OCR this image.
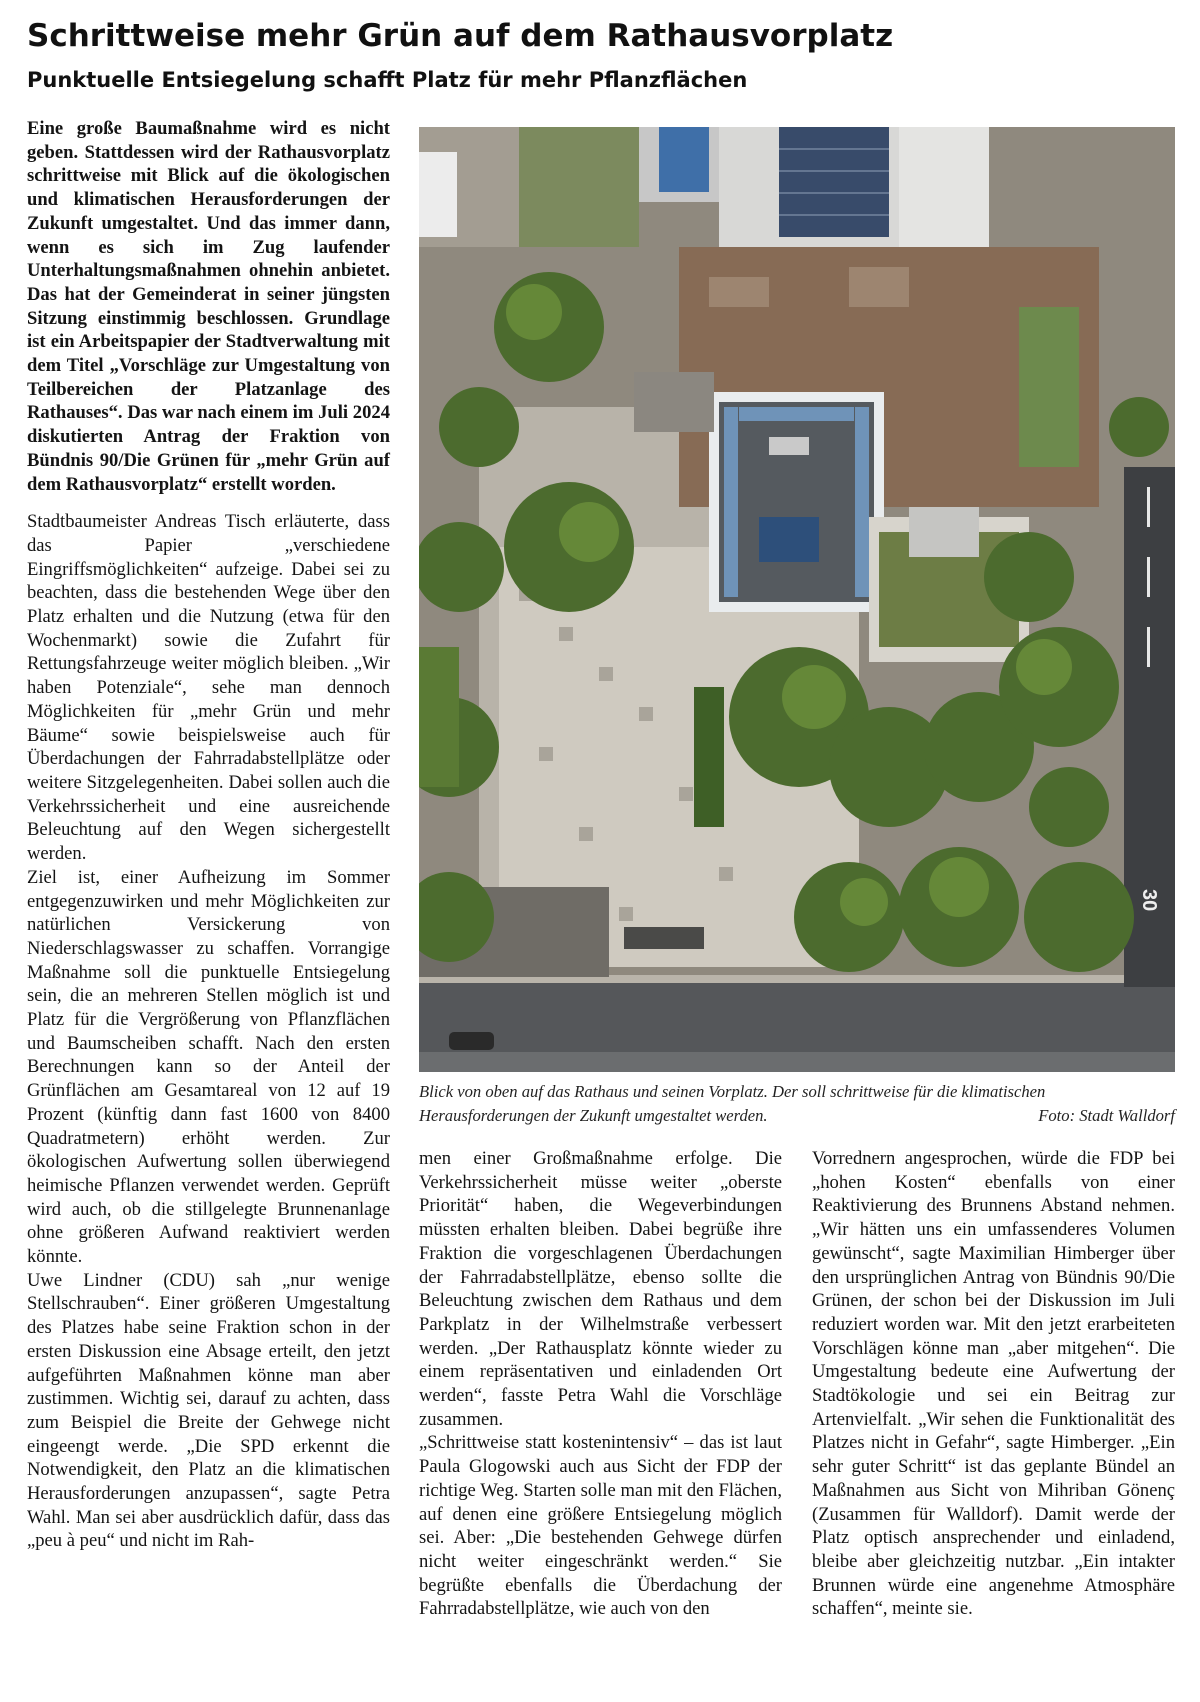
Schrittweise mehr Grün auf dem Rathausvorplatz
Punktuelle Entsiegelung schafft Platz für mehr Pflanzflächen

Eine große Baumaßnahme wird es nicht geben. Stattdessen wird der Rathausvorplatz schrittweise mit Blick auf die ökologischen und klimatischen Herausforderungen der Zukunft umgestaltet. Und das immer dann, wenn es sich im Zug laufender Unterhaltungsmaßnahmen ohnehin anbietet. Das hat der Gemeinderat in seiner jüngsten Sitzung einstimmig beschlossen. Grundlage ist ein Arbeitspapier der Stadtverwaltung mit dem Titel „Vorschläge zur Umgestaltung von Teilbereichen der Platzanlage des Rathauses“. Das war nach einem im Juli 2024 diskutierten Antrag der Fraktion von Bündnis 90/Die Grünen für „mehr Grün auf dem Rathausvorplatz“ erstellt worden.

Stadtbaumeister Andreas Tisch erläuterte, dass das Papier „verschiedene Eingriffsmöglichkeiten“ aufzeige. Dabei sei zu beachten, dass die bestehenden Wege über den Platz erhalten und die Nutzung (etwa für den Wochenmarkt) sowie die Zufahrt für Rettungsfahrzeuge weiter möglich bleiben. „Wir haben Potenziale“, sehe man dennoch Möglichkeiten für „mehr Grün und mehr Bäume“ sowie beispielsweise auch für Überdachungen der Fahrradabstellplätze oder weitere Sitzgelegenheiten. Dabei sollen auch die Verkehrssicherheit und eine ausreichende Beleuchtung auf den Wegen sichergestellt werden.

Ziel ist, einer Aufheizung im Sommer entgegenzuwirken und mehr Möglichkeiten zur natürlichen Versickerung von Niederschlagswasser zu schaffen. Vorrangige Maßnahme soll die punktuelle Entsiegelung sein, die an mehreren Stellen möglich ist und Platz für die Vergrößerung von Pflanzflächen und Baumscheiben schafft. Nach den ersten Berechnungen kann so der Anteil der Grünflächen am Gesamtareal von 12 auf 19 Prozent (künftig dann fast 1600 von 8400 Quadratmetern) erhöht werden. Zur ökologischen Aufwertung sollen überwiegend heimische Pflanzen verwendet werden. Geprüft wird auch, ob die stillgelegte Brunnenanlage ohne größeren Aufwand reaktiviert werden könnte.

Uwe Lindner (CDU) sah „nur wenige Stellschrauben“. Einer größeren Umgestaltung des Platzes habe seine Fraktion schon in der ersten Diskussion eine Absage erteilt, den jetzt aufgeführten Maßnahmen könne man aber zustimmen. Wichtig sei, darauf zu achten, dass zum Beispiel die Breite der Gehwege nicht eingeengt werde. „Die SPD erkennt die Notwendigkeit, den Platz an die klimatischen Herausforderungen anzupassen“, sagte Petra Wahl. Man sei aber ausdrücklich dafür, dass das „peu à peu“ und nicht im Rah-

30

Blick von oben auf das Rathaus und seinen Vorplatz. Der soll schrittweise für die klimatischen Herausforderungen der Zukunft umgestaltet werden.	Foto: Stadt Walldorf

men einer Großmaßnahme erfolge. Die Verkehrssicherheit müsse weiter „oberste Priorität“ haben, die Wegeverbindungen müssten erhalten bleiben. Dabei begrüße ihre Fraktion die vorgeschlagenen Überdachungen der Fahrradabstellplätze, ebenso sollte die Beleuchtung zwischen dem Rathaus und dem Parkplatz in der Wilhelmstraße verbessert werden. „Der Rathausplatz könnte wieder zu einem repräsentativen und einladenden Ort werden“, fasste Petra Wahl die Vorschläge zusammen.

„Schrittweise statt kostenintensiv“ – das ist laut Paula Glogowski auch aus Sicht der FDP der richtige Weg. Starten solle man mit den Flächen, auf denen eine größere Entsiegelung möglich sei. Aber: „Die bestehenden Gehwege dürfen nicht weiter eingeschränkt werden.“ Sie begrüßte ebenfalls die Überdachung der Fahrradabstellplätze, wie auch von den

Vorrednern angesprochen, würde die FDP bei „hohen Kosten“ ebenfalls von einer Reaktivierung des Brunnens Abstand nehmen. „Wir hätten uns ein umfassenderes Volumen gewünscht“, sagte Maximilian Himberger über den ursprünglichen Antrag von Bündnis 90/Die Grünen, der schon bei der Diskussion im Juli reduziert worden war. Mit den jetzt erarbeiteten Vorschlägen könne man „aber mitgehen“. Die Umgestaltung bedeute eine Aufwertung der Stadtökologie und sei ein Beitrag zur Artenvielfalt. „Wir sehen die Funktionalität des Platzes nicht in Gefahr“, sagte Himberger. „Ein sehr guter Schritt“ ist das geplante Bündel an Maßnahmen aus Sicht von Mihriban Gönenç (Zusammen für Walldorf). Damit werde der Platz optisch ansprechender und einladend, bleibe aber gleichzeitig nutzbar. „Ein intakter Brunnen würde eine angenehme Atmosphäre schaffen“, meinte sie.
